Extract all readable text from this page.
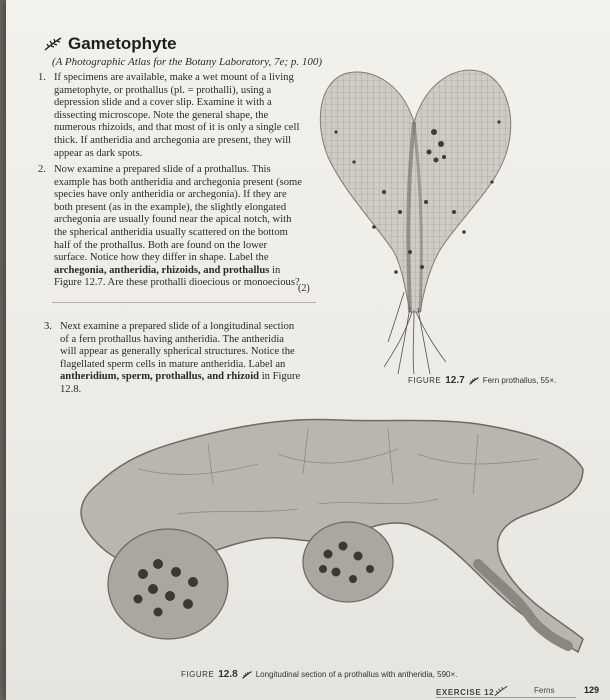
Gametophyte
(A Photographic Atlas for the Botany Laboratory, 7e; p. 100)
1. If specimens are available, make a wet mount of a living gametophyte, or prothallus (pl. = prothalli), using a depression slide and a cover slip. Examine it with a dissecting microscope. Note the general shape, the numerous rhizoids, and that most of it is only a single cell thick. If antheridia and archegonia are present, they will appear as dark spots.
2. Now examine a prepared slide of a prothallus. This example has both antheridia and archegonia present (some species have only antheridia or archegonia). If they are both present (as in the example), the slightly elongated archegonia are usually found near the apical notch, with the spherical antheridia usually scattered on the bottom half of the prothallus. Both are found on the lower surface. Notice how they differ in shape. Label the archegonia, antheridia, rhizoids, and prothallus in Figure 12.7. Are these prothalli dioecious or monoecious?
(2)
3. Next examine a prepared slide of a longitudinal section of a fern prothallus having antheridia. The antheridia will appear as generally spherical structures. Notice the flagellated sperm cells in mature antheridia. Label an antheridium, sperm, prothallus, and rhizoid in Figure 12.8.
FIGURE 12.7 Fern prothallus, 55×.
FIGURE 12.8 Longitudinal section of a prothallus with antheridia, 590×.
EXERCISE 12	Ferns	129
